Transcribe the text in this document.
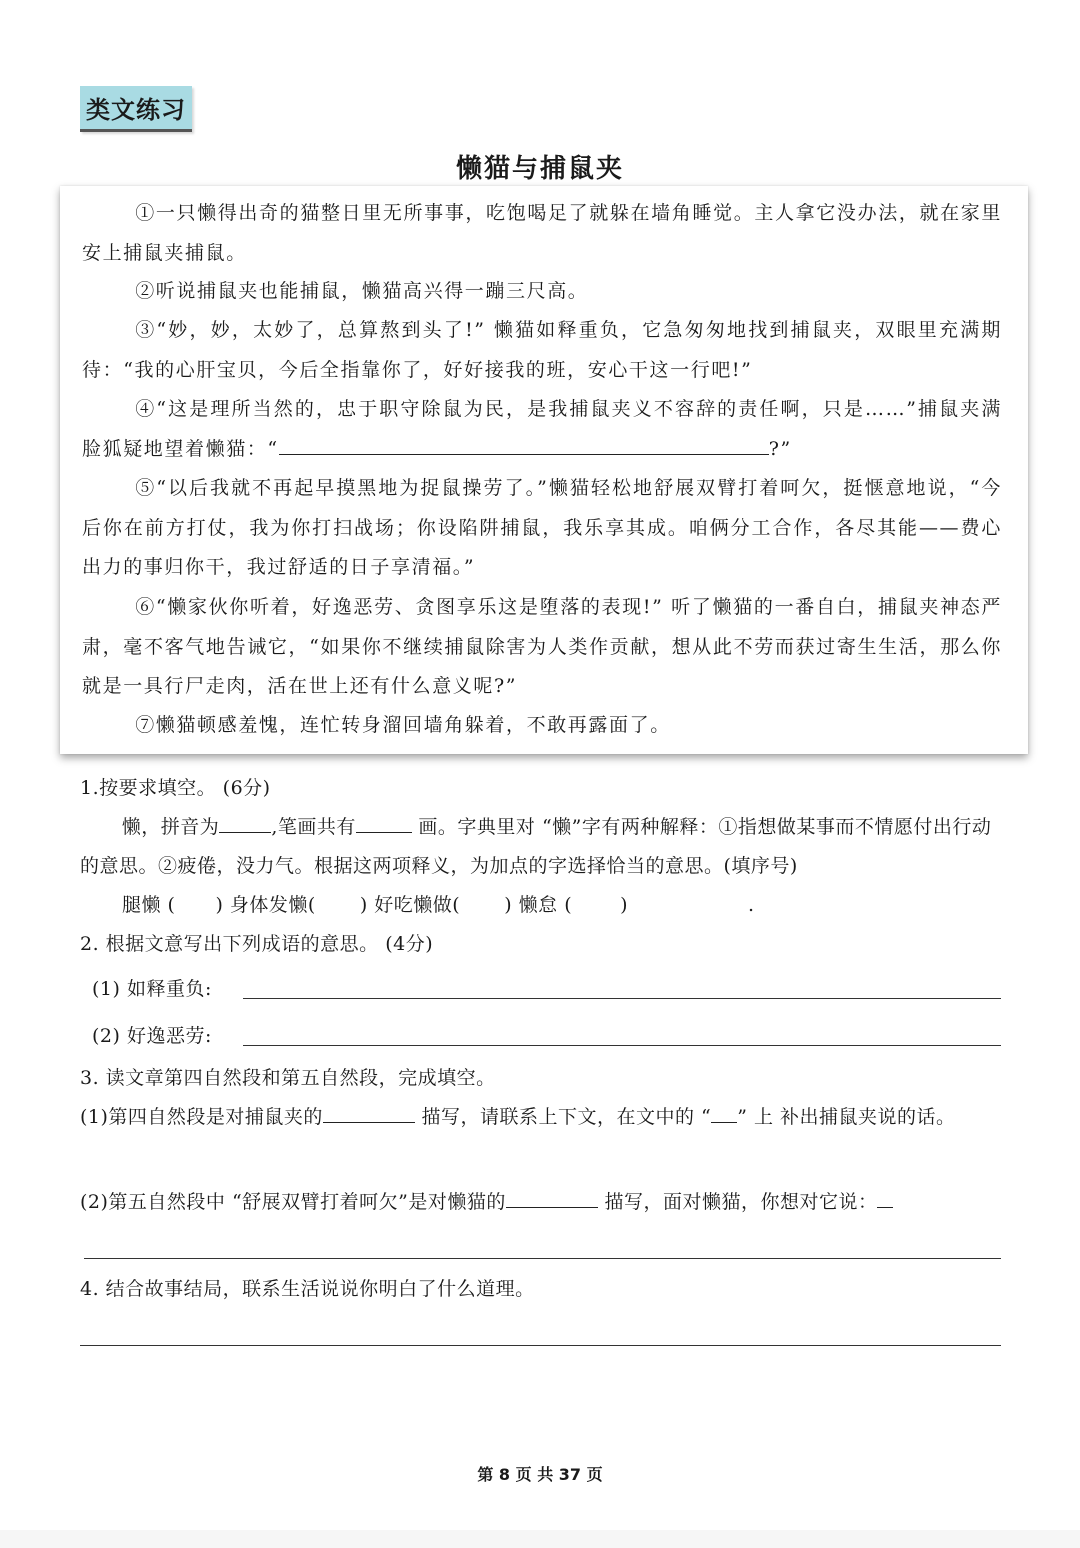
类文练习
懒猫与捕鼠夹
①一只懒得出奇的猫整日里无所事事，吃饱喝足了就躲在墙角睡觉。主人拿它没办法，就在家里安上捕鼠夹捕鼠。
②听说捕鼠夹也能捕鼠，懒猫高兴得一蹦三尺高。
③“妙，妙，太妙了，总算熬到头了!” 懒猫如释重负，它急匆匆地找到捕鼠夹，双眼里充满期待：“我的心肝宝贝，今后全指靠你了，好好接我的班，安心干这一行吧!”
④“这是理所当然的，忠于职守除鼠为民，是我捕鼠夹义不容辞的责任啊，只是……”捕鼠夹满脸狐疑地望着懒猫：“	?”
⑤“以后我就不再起早摸黑地为捉鼠操劳了。”懒猫轻松地舒展双臂打着呵欠，挺惬意地说，“今后你在前方打仗，我为你打扫战场；你设陷阱捕鼠，我乐享其成。咱俩分工合作，各尽其能——费心出力的事归你干，我过舒适的日子享清福。”
⑥“懒家伙你听着，好逸恶劳、贪图享乐这是堕落的表现!” 听了懒猫的一番自白，捕鼠夹神态严肃，毫不客气地告诫它，“如果你不继续捕鼠除害为人类作贡献，想从此不劳而获过寄生生活，那么你就是一具行尸走肉，活在世上还有什么意义呢?”
⑦懒猫顿感羞愧，连忙转身溜回墙角躲着，不敢再露面了。
1.按要求填空。 (6分)
懒，拼音为	,笔画共有	画。字典里对 “懒”字有两种解释：①指想做某事而不情愿付出行动的意思。②疲倦，没力气。根据这两项释义，为加点的字选择恰当的意思。(填序号)
腿懒 ( ) 身体发懒( ) 好吃懒做( ) 懒怠 (	)	.
2. 根据文意写出下列成语的意思。 (4分)
(1) 如释重负:
(2) 好逸恶劳:
3. 读文章第四自然段和第五自然段，完成填空。
(1)第四自然段是对捕鼠夹的	描写，请联系上下文，在文中的 “ ” 上 补出捕鼠夹说的话。
(2)第五自然段中 “舒展双臂打着呵欠”是对懒猫的	描写，面对懒猫，你想对它说：
4. 结合故事结局，联系生活说说你明白了什么道理。
第 8 页 共 37 页
